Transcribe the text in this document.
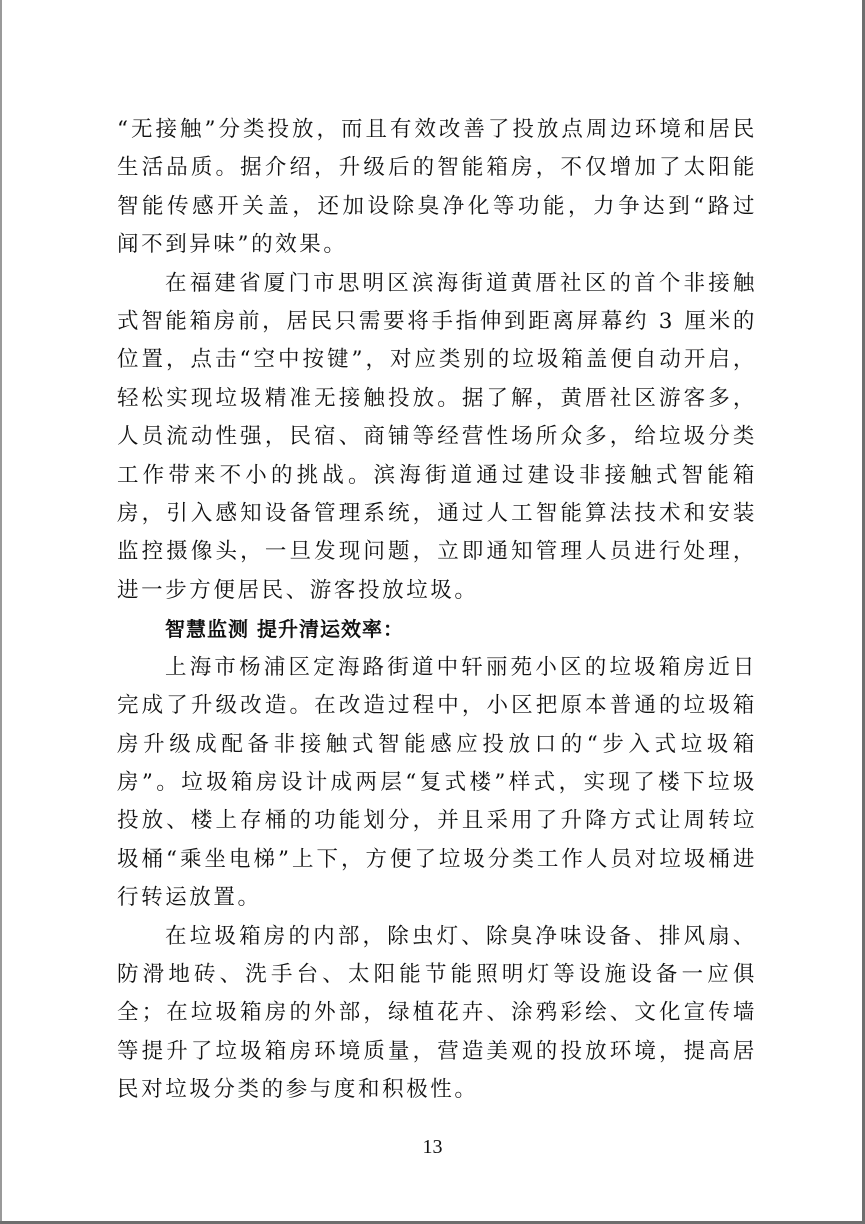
“无接触”分类投放，而且有效改善了投放点周边环境和居民生活品质。据介绍，升级后的智能箱房，不仅增加了太阳能智能传感开关盖，还加设除臭净化等功能，力争达到“路过闻不到异味”的效果。

在福建省厦门市思明区滨海街道黄厝社区的首个非接触式智能箱房前，居民只需要将手指伸到距离屏幕约 3 厘米的位置，点击“空中按键”，对应类别的垃圾箱盖便自动开启，轻松实现垃圾精准无接触投放。据了解，黄厝社区游客多，人员流动性强，民宿、商铺等经营性场所众多，给垃圾分类工作带来不小的挑战。滨海街道通过建设非接触式智能箱房，引入感知设备管理系统，通过人工智能算法技术和安装监控摄像头，一旦发现问题，立即通知管理人员进行处理，进一步方便居民、游客投放垃圾。

智慧监测 提升清运效率：

上海市杨浦区定海路街道中轩丽苑小区的垃圾箱房近日完成了升级改造。在改造过程中，小区把原本普通的垃圾箱房升级成配备非接触式智能感应投放口的“步入式垃圾箱房”。垃圾箱房设计成两层“复式楼”样式，实现了楼下垃圾投放、楼上存桶的功能划分，并且采用了升降方式让周转垃圾桶“乘坐电梯”上下，方便了垃圾分类工作人员对垃圾桶进行转运放置。

在垃圾箱房的内部，除虫灯、除臭净味设备、排风扇、防滑地砖、洗手台、太阳能节能照明灯等设施设备一应俱全；在垃圾箱房的外部，绿植花卉、涂鸦彩绘、文化宣传墙等提升了垃圾箱房环境质量，营造美观的投放环境，提高居民对垃圾分类的参与度和积极性。

13
